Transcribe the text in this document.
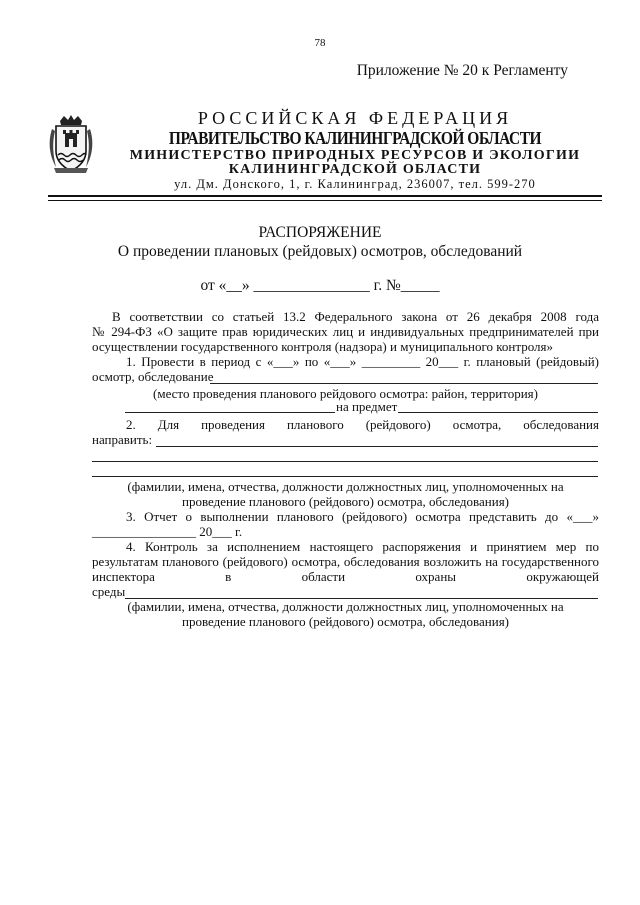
78
Приложение № 20 к Регламенту
РОССИЙСКАЯ ФЕДЕРАЦИЯ
ПРАВИТЕЛЬСТВО КАЛИНИНГРАДСКОЙ ОБЛАСТИ
МИНИСТЕРСТВО ПРИРОДНЫХ РЕСУРСОВ И ЭКОЛОГИИ
КАЛИНИНГРАДСКОЙ ОБЛАСТИ
ул. Дм. Донского, 1, г. Калининград, 236007, тел. 599-270
РАСПОРЯЖЕНИЕ
О проведении плановых (рейдовых) осмотров, обследований
от «__» _______________ г. №_____
В соответствии со статьей 13.2 Федерального закона от 26 декабря 2008 года
№ 294-ФЗ «О защите прав юридических лиц и индивидуальных предпринимателей при
осуществлении государственного контроля (надзора) и муниципального контроля»
1. Провести в период с «___» по «___» _________ 20___ г. плановый (рейдовый)
осмотр, обследование
(место проведения планового рейдового осмотра: район, территория)
на предмет
2. Для проведения планового (рейдового) осмотра, обследования
направить:
(фамилии, имена, отчества, должности должностных лиц, уполномоченных на
проведение планового (рейдового) осмотра, обследования)
3. Отчет о выполнении планового (рейдового) осмотра представить до «___»
________________ 20___ г.
4. Контроль за исполнением настоящего распоряжения и принятием мер по
результатам планового (рейдового) осмотра, обследования возложить на государственного
инспектора в области охраны окружающей
среды
(фамилии, имена, отчества, должности должностных лиц, уполномоченных на
проведение планового (рейдового) осмотра, обследования)
